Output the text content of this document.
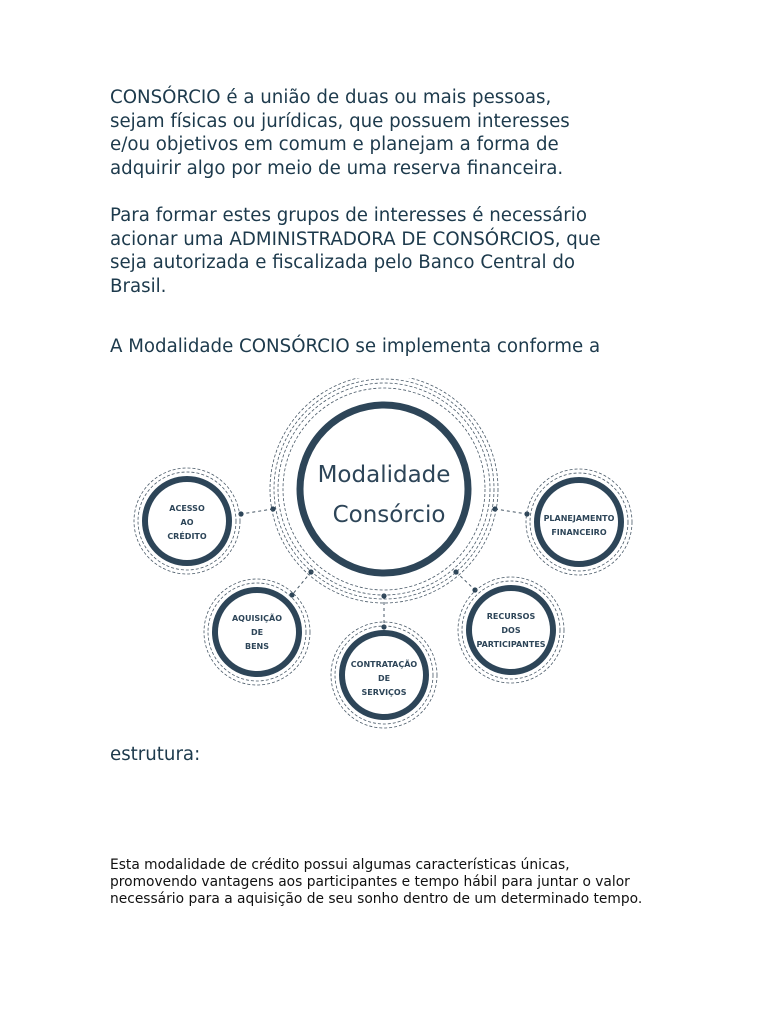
CONSÓRCIO é a união de duas ou mais pessoas,
sejam físicas ou jurídicas, que possuem interesses
e/ou objetivos em comum e planejam a forma de
adquirir algo por meio de uma reserva financeira.

Para formar estes grupos de interesses é necessário
acionar uma ADMINISTRADORA DE CONSÓRCIOS, que
seja autorizada e fiscalizada pelo Banco Central do
Brasil.

A Modalidade CONSÓRCIO se implementa conforme a

Modalidade
Consórcio
ACESSO
AO
CRÉDITO
PLANEJAMENTO
FINANCEIRO
AQUISIÇÃO
DE
BENS
CONTRATAÇÃO
DE
SERVIÇOS
RECURSOS
DOS
PARTICIPANTES

estrutura:

Esta modalidade de crédito possui algumas características únicas,
promovendo vantagens aos participantes e tempo hábil para juntar o valor
necessário para a aquisição de seu sonho dentro de um determinado tempo.
